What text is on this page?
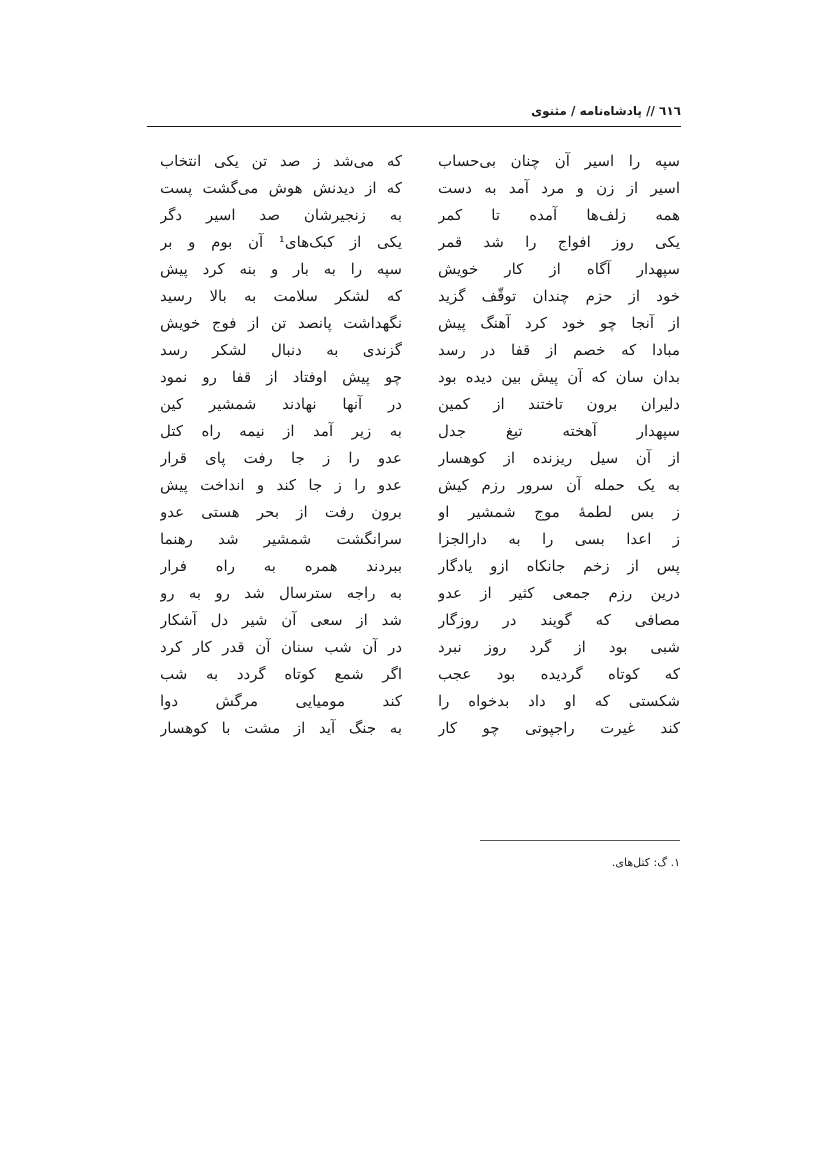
٦١٦ // پادشاه‌نامه / مثنوی
سپه را اسیر آن چنان بی‌حساب
که می‌شد ز صد تن یکی انتخاب
اسیر از زن و مرد آمد به دست
که از دیدنش هوش می‌گشت پست
همه زلف‌ها آمده تا کمر
به زنجیرشان صد اسیر دگر
یکی روز افواج را شد قمر
یکی از کبک‌های¹ آن بوم و بر
سپهدار آگاه از کار خویش
سپه را به بار و بنه کرد پیش
خود از حزم چندان توقّف گزید
که لشکر سلامت به بالا رسید
از آنجا چو خود کرد آهنگ پیش
نگهداشت پانصد تن از فوج خویش
مبادا که خصم از قفا در رسد
گزندی به دنبال لشکر رسد
بدان سان که آن پیش بین دیده بود
چو پیش اوفتاد از قفا رو نمود
دلیران برون تاختند از کمین
در آنها نهادند شمشیر کین
سپهدار آهخته تیغ جدل
به زیر آمد از نیمه راه کتل
از آن سیل ریزنده از کوهسار
عدو را ز جا رفت پای قرار
به یک حمله آن سرور رزم کیش
عدو را ز جا کند و انداخت پیش
ز بس لطمهٔ موج شمشیر او
برون رفت از بحر هستی عدو
ز اعدا بسی را به دارالجزا
سرانگشت شمشیر شد رهنما
پس از زخم جانکاه ازو یادگار
ببردند همره به راه فرار
درین رزم جمعی کثیر از عدو
به راجه سترسال شد رو به رو
مصافی که گویند در روزگار
شد از سعی آن شیر دل آشکار
شبی بود از گرد روز نبرد
در آن شب سنان آن قدر کار کرد
که کوتاه گردیده بود عجب
اگر شمع کوتاه گردد به شب
شکستی که او داد بدخواه را
کند مومیایی مرگش دوا
کند غیرت راجپوتی چو کار
به جنگ آید از مشت با کوهسار
۱. گ: کتل‌های.
